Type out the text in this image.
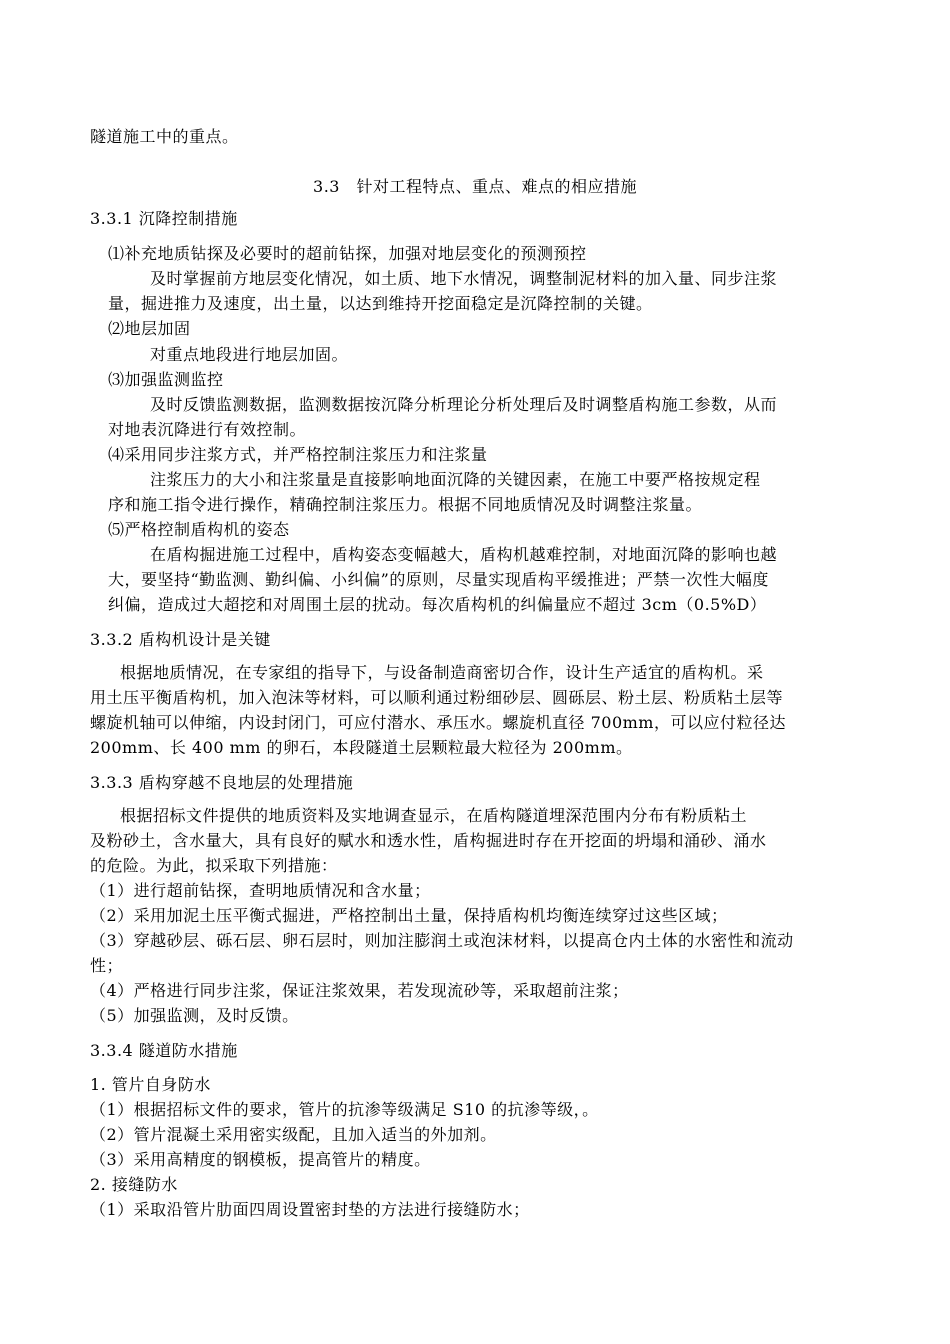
隧道施工中的重点。
3.3　针对工程特点、重点、难点的相应措施
3.3.1 沉降控制措施
⑴补充地质钻探及必要时的超前钻探，加强对地层变化的预测预控
及时掌握前方地层变化情况，如土质、地下水情况，调整制泥材料的加入量、同步注浆
量，掘进推力及速度，出土量，以达到维持开挖面稳定是沉降控制的关键。
⑵地层加固
对重点地段进行地层加固。
⑶加强监测监控
及时反馈监测数据，监测数据按沉降分析理论分析处理后及时调整盾构施工参数，从而
对地表沉降进行有效控制。
⑷采用同步注浆方式，并严格控制注浆压力和注浆量
注浆压力的大小和注浆量是直接影响地面沉降的关键因素，在施工中要严格按规定程
序和施工指令进行操作，精确控制注浆压力。根据不同地质情况及时调整注浆量。
⑸严格控制盾构机的姿态
在盾构掘进施工过程中，盾构姿态变幅越大，盾构机越难控制，对地面沉降的影响也越
大，要坚持“勤监测、勤纠偏、小纠偏”的原则，尽量实现盾构平缓推进；严禁一次性大幅度
纠偏，造成过大超挖和对周围土层的扰动。每次盾构机的纠偏量应不超过 3cm（0.5%D）
3.3.2 盾构机设计是关键
根据地质情况，在专家组的指导下，与设备制造商密切合作，设计生产适宜的盾构机。采
用土压平衡盾构机，加入泡沫等材料，可以顺利通过粉细砂层、圆砾层、粉土层、粉质粘土层等
螺旋机轴可以伸缩，内设封闭门，可应付潜水、承压水。螺旋机直径 700mm，可以应付粒径达
200mm、长 400 mm 的卵石，本段隧道土层颗粒最大粒径为 200mm。
3.3.3 盾构穿越不良地层的处理措施
根据招标文件提供的地质资料及实地调查显示，在盾构隧道埋深范围内分布有粉质粘土
及粉砂土，含水量大，具有良好的赋水和透水性，盾构掘进时存在开挖面的坍塌和涌砂、涌水
的危险。为此，拟采取下列措施：
（1）进行超前钻探，查明地质情况和含水量；
（2）采用加泥土压平衡式掘进，严格控制出土量，保持盾构机均衡连续穿过这些区域；
（3）穿越砂层、砾石层、卵石层时，则加注膨润土或泡沫材料，以提高仓内土体的水密性和流动
性；
（4）严格进行同步注浆，保证注浆效果，若发现流砂等，采取超前注浆；
（5）加强监测，及时反馈。
3.3.4 隧道防水措施
1. 管片自身防水
（1）根据招标文件的要求，管片的抗渗等级满足 S10 的抗渗等级，。
（2）管片混凝土采用密实级配，且加入适当的外加剂。
（3）采用高精度的钢模板，提高管片的精度。
2. 接缝防水
（1）采取沿管片肋面四周设置密封垫的方法进行接缝防水；
